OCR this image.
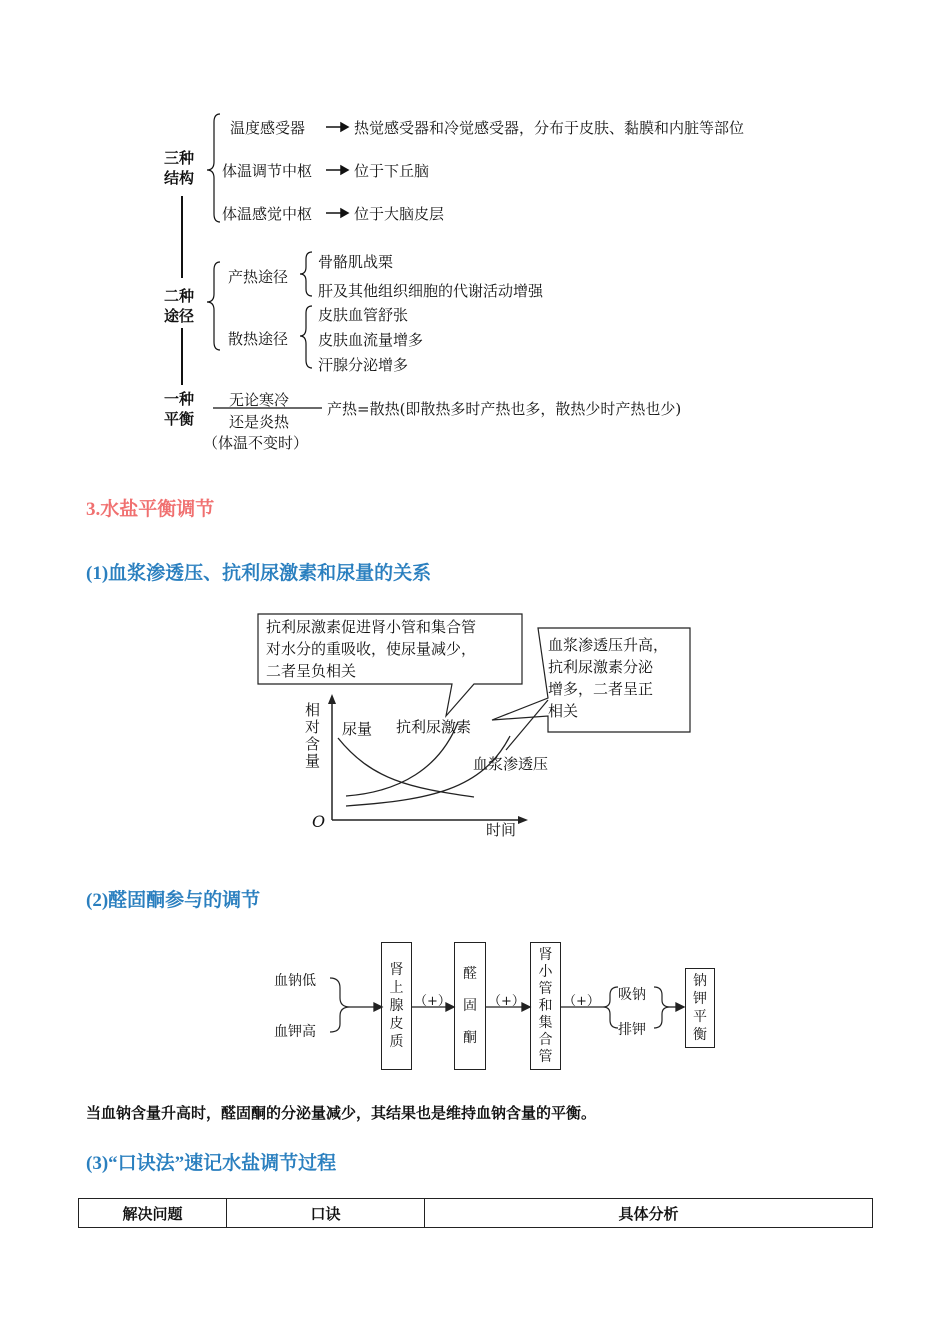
三种
结构
温度感受器	热觉感受器和冷觉感受器，分布于皮肤、黏膜和内脏等部位
体温调节中枢	位于下丘脑
体温感觉中枢	位于大脑皮层
二种
途径
产热途径
骨骼肌战栗
肝及其他组织细胞的代谢活动增强
散热途径
皮肤血管舒张
皮肤血流量增多
汗腺分泌增多
一种
平衡
无论寒冷
还是炎热
（体温不变时）
产热=散热(即散热多时产热也多，散热少时产热也少)
3.水盐平衡调节
(1)血浆渗透压、抗利尿激素和尿量的关系
抗利尿激素促进肾小管和集合管
对水分的重吸收，使尿量减少，
二者呈负相关
血浆渗透压升高，
抗利尿激素分泌
增多，二者呈正
相关
相对含量
时间
O
尿量 抗利尿激素
血浆渗透压
(2)醛固酮参与的调节
血钠低
血钾高
肾
上
腺
皮
质
醛
固
酮
肾
小
管
和
集
合
管
（+）	（+）	（+） 吸钠
排钾
钠
钾
平
衡
当血钠含量升高时，醛固酮的分泌量减少，其结果也是维持血钠含量的平衡。
(3)“口诀法”速记水盐调节过程
解决问题	口诀	具体分析
